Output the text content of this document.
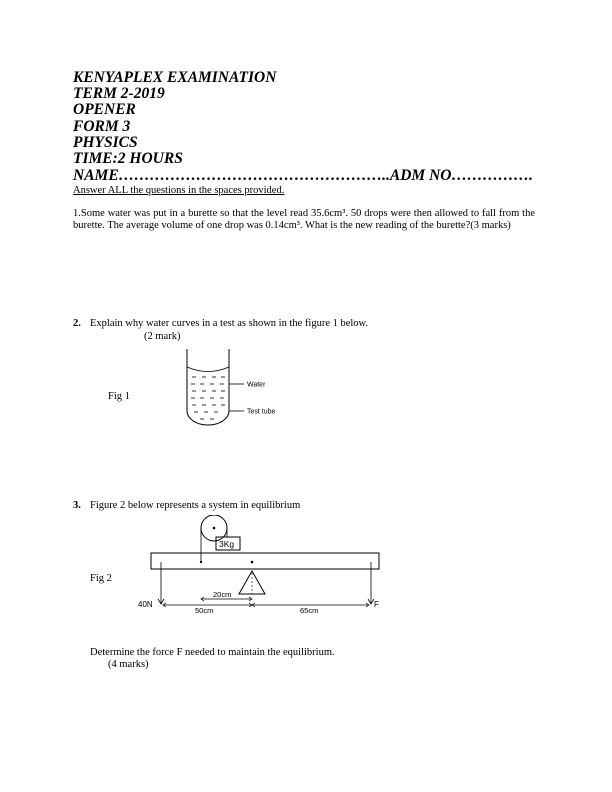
KENYAPLEX EXAMINATION
TERM 2-2019
OPENER
FORM 3
PHYSICS
TIME:2 HOURS
NAME……………………………………………..ADM NO…………….
Answer ALL the questions in the spaces provided.
1.Some water was put in a burette so that the level read 35.6cm³. 50 drops were then allowed to fall from the burette. The average volume of one drop was 0.14cm³. What is the new reading of the burette?(3 marks)
2. Explain why water curves in a test as shown in the figure 1 below.
(2 mark)
Fig 1
Water
Test tube
3. Figure 2 below represents a system in equilibrium
Fig 2
3Kg
40N	F
20cm
50cm	65cm
Determine the force F needed to maintain the equilibrium.
(4 marks)
